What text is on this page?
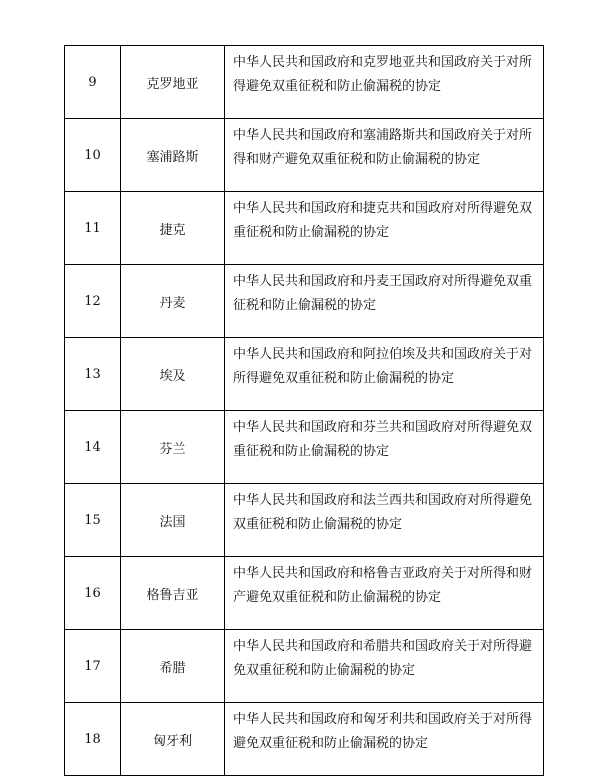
9	克罗地亚	中华人民共和国政府和克罗地亚共和国政府关于对所得避免双重征税和防止偷漏税的协定
10	塞浦路斯	中华人民共和国政府和塞浦路斯共和国政府关于对所得和财产避免双重征税和防止偷漏税的协定
11	捷克	中华人民共和国政府和捷克共和国政府对所得避免双重征税和防止偷漏税的协定
12	丹麦	中华人民共和国政府和丹麦王国政府对所得避免双重征税和防止偷漏税的协定
13	埃及	中华人民共和国政府和阿拉伯埃及共和国政府关于对所得避免双重征税和防止偷漏税的协定
14	芬兰	中华人民共和国政府和芬兰共和国政府对所得避免双重征税和防止偷漏税的协定
15	法国	中华人民共和国政府和法兰西共和国政府对所得避免双重征税和防止偷漏税的协定
16	格鲁吉亚	中华人民共和国政府和格鲁吉亚政府关于对所得和财产避免双重征税和防止偷漏税的协定
17	希腊	中华人民共和国政府和希腊共和国政府关于对所得避免双重征税和防止偷漏税的协定
18	匈牙利	中华人民共和国政府和匈牙利共和国政府关于对所得避免双重征税和防止偷漏税的协定
